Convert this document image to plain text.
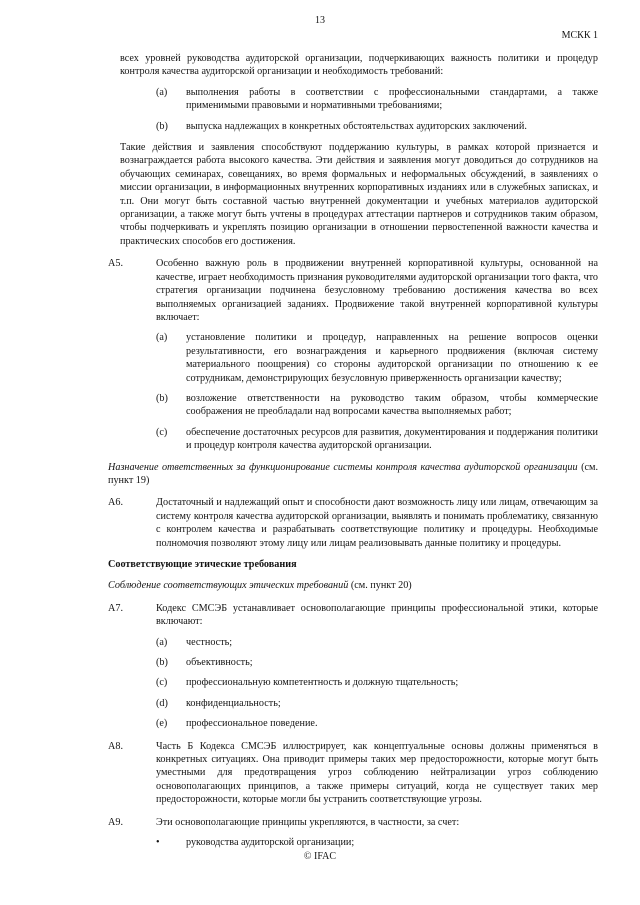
13
МСКК 1

всех уровней руководства аудиторской организации, подчеркивающих важность политики и процедур контроля качества аудиторской организации и необходимость требований:

(a)	выполнения работы в соответствии с профессиональными стандартами, а также применимыми правовыми и нормативными требованиями;
(b)	выпуска надлежащих в конкретных обстоятельствах аудиторских заключений.

Такие действия и заявления способствуют поддержанию культуры, в рамках которой признается и вознаграждается работа высокого качества. Эти действия и заявления могут доводиться до сотрудников на обучающих семинарах, совещаниях, во время формальных и неформальных обсуждений, в заявлениях о миссии организации, в информационных внутренних корпоративных изданиях или в служебных записках, и т.п. Они могут быть составной частью внутренней документации и учебных материалов аудиторской организации, а также могут быть учтены в процедурах аттестации партнеров и сотрудников таким образом, чтобы подчеркивать и укреплять позицию организации в отношении первостепенной важности качества и практических способов его достижения.

A5.	Особенно важную роль в продвижении внутренней корпоративной культуры, основанной на качестве, играет необходимость признания руководителями аудиторской организации того факта, что стратегия организации подчинена безусловному требованию достижения качества во всех выполняемых организацией заданиях. Продвижение такой внутренней корпоративной культуры включает:
(a)	установление политики и процедур, направленных на решение вопросов оценки результативности, его вознаграждения и карьерного продвижения (включая систему материального поощрения) со стороны аудиторской организации по отношению к ее сотрудникам, демонстрирующих безусловную приверженность организации качеству;
(b)	возложение ответственности на руководство таким образом, чтобы коммерческие соображения не преобладали над вопросами качества выполняемых работ;
(c)	обеспечение достаточных ресурсов для развития, документирования и поддержания политики и процедур контроля качества аудиторской организации.

Назначение ответственных за функционирование системы контроля качества аудиторской организации (см. пункт 19)

A6.	Достаточный и надлежащий опыт и способности дают возможность лицу или лицам, отвечающим за систему контроля качества аудиторской организации, выявлять и понимать проблематику, связанную с контролем качества и разрабатывать соответствующие политику и процедуры. Необходимые полномочия позволяют этому лицу или лицам реализовывать данные политику и процедуры.

Соответствующие этические требования

Соблюдение соответствующих этических требований (см. пункт 20)

A7.	Кодекс СМСЭБ устанавливает основополагающие принципы профессиональной этики, которые включают:
(a)	честность;
(b)	объективность;
(c)	профессиональную компетентность и должную тщательность;
(d)	конфиденциальность;
(e)	профессиональное поведение.
A8.	Часть Б Кодекса СМСЭБ иллюстрирует, как концептуальные основы должны применяться в конкретных ситуациях. Она приводит примеры таких мер предосторожности, которые могут быть уместными для предотвращения угроз соблюдению нейтрализации угроз соблюдению основополагающих принципов, а также примеры ситуаций, когда не существует таких мер предосторожности, которые могли бы устранить соответствующие угрозы.
A9.	Эти основополагающие принципы укрепляются, в частности, за счет:
•	руководства аудиторской организации;
© IFAC
